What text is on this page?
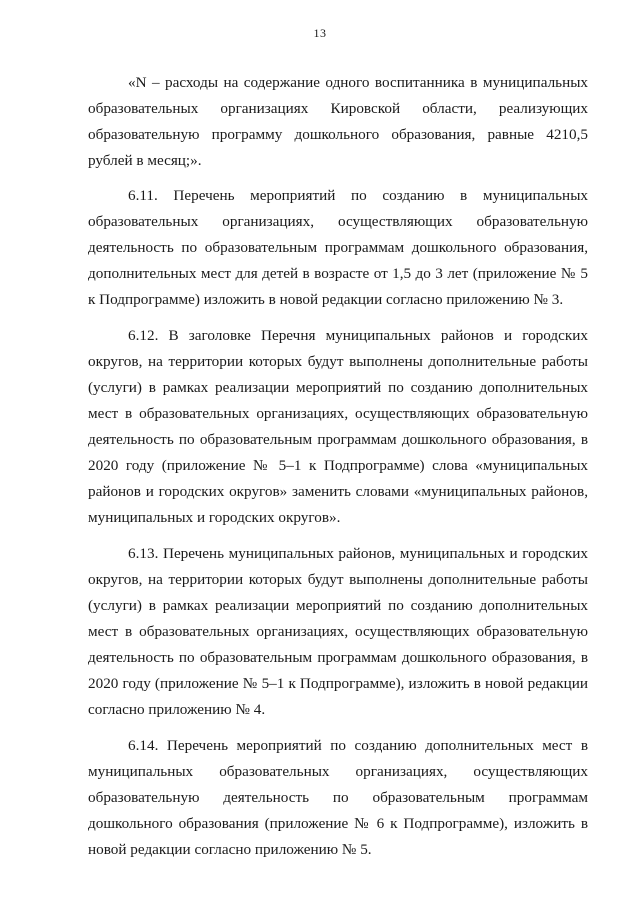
13

«N – расходы на содержание одного воспитанника в муниципальных образовательных организациях Кировской области, реализующих образовательную программу дошкольного образования, равные 4210,5 рублей в месяц;».

6.11. Перечень мероприятий по созданию в муниципальных образовательных организациях, осуществляющих образовательную деятельность по образовательным программам дошкольного образования, дополнительных мест для детей в возрасте от 1,5 до 3 лет (приложение № 5 к Подпрограмме) изложить в новой редакции согласно приложению № 3.

6.12. В заголовке Перечня муниципальных районов и городских округов, на территории которых будут выполнены дополнительные работы (услуги) в рамках реализации мероприятий по созданию дополнительных мест в образовательных организациях, осуществляющих образовательную деятельность по образовательным программам дошкольного образования, в 2020 году (приложение № 5–1 к Подпрограмме) слова «муниципальных районов и городских округов» заменить словами «муниципальных районов, муниципальных и городских округов».

6.13. Перечень муниципальных районов, муниципальных и городских округов, на территории которых будут выполнены дополнительные работы (услуги) в рамках реализации мероприятий по созданию дополнительных мест в образовательных организациях, осуществляющих образовательную деятельность по образовательным программам дошкольного образования, в 2020 году (приложение № 5–1 к Подпрограмме), изложить в новой редакции согласно приложению № 4.

6.14. Перечень мероприятий по созданию дополнительных мест в муниципальных образовательных организациях, осуществляющих образовательную деятельность по образовательным программам дошкольного образования (приложение № 6 к Подпрограмме), изложить в новой редакции согласно приложению № 5.
